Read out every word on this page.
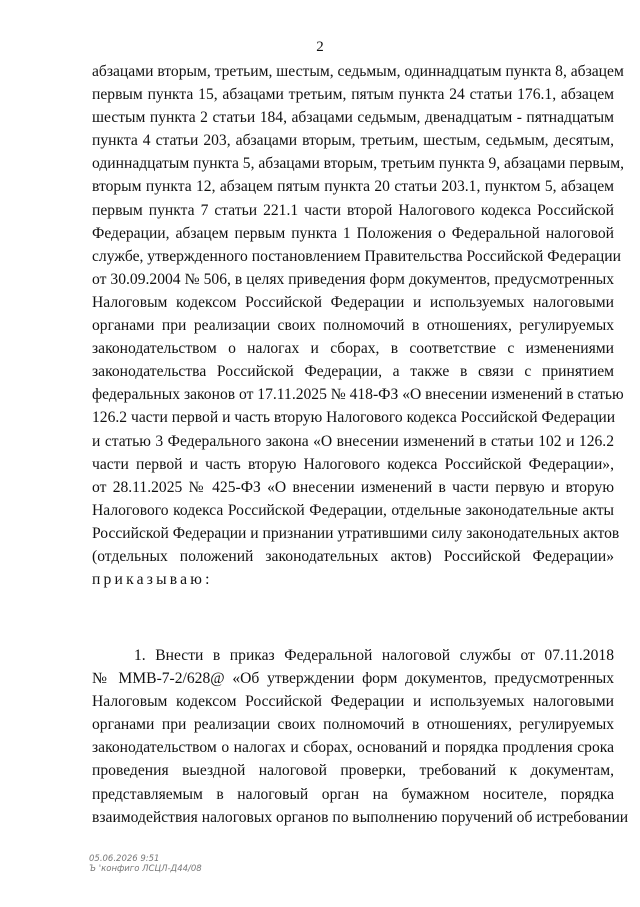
2
абзацами вторым, третьим, шестым, седьмым, одиннадцатым пункта 8, абзацем
первым пункта 15, абзацами третьим, пятым пункта 24 статьи 176.1, абзацем
шестым пункта 2 статьи 184, абзацами седьмым, двенадцатым - пятнадцатым
пункта 4 статьи 203, абзацами вторым, третьим, шестым, седьмым, десятым,
одиннадцатым пункта 5, абзацами вторым, третьим пункта 9, абзацами первым,
вторым пункта 12, абзацем пятым пункта 20 статьи 203.1, пунктом 5, абзацем
первым пункта 7 статьи 221.1 части второй Налогового кодекса Российской
Федерации, абзацем первым пункта 1 Положения о Федеральной налоговой
службе, утвержденного постановлением Правительства Российской Федерации
от 30.09.2004 № 506, в целях приведения форм документов, предусмотренных
Налоговым кодексом Российской Федерации и используемых налоговыми
органами при реализации своих полномочий в отношениях, регулируемых
законодательством о налогах и сборах, в соответствие с изменениями
законодательства Российской Федерации, а также в связи с принятием
федеральных законов от 17.11.2025 № 418-ФЗ «О внесении изменений в статью
126.2 части первой и часть вторую Налогового кодекса Российской Федерации
и статью 3 Федерального закона «О внесении изменений в статьи 102 и 126.2
части первой и часть вторую Налогового кодекса Российской Федерации»,
от 28.11.2025 № 425-ФЗ «О внесении изменений в части первую и вторую
Налогового кодекса Российской Федерации, отдельные законодательные акты
Российской Федерации и признании утратившими силу законодательных актов
(отдельных положений законодательных актов) Российской Федерации»
приказываю:
1. Внести в приказ Федеральной налоговой службы от 07.11.2018
№ ММВ-7-2/628@ «Об утверждении форм документов, предусмотренных
Налоговым кодексом Российской Федерации и используемых налоговыми
органами при реализации своих полномочий в отношениях, регулируемых
законодательством о налогах и сборах, оснований и порядка продления срока
проведения выездной налоговой проверки, требований к документам,
представляемым в налоговый орган на бумажном носителе, порядка
взаимодействия налоговых органов по выполнению поручений об истребовании
05.06.2026 9:51
Ъ 'конфиго ЛСЦЛ-Д44/08
